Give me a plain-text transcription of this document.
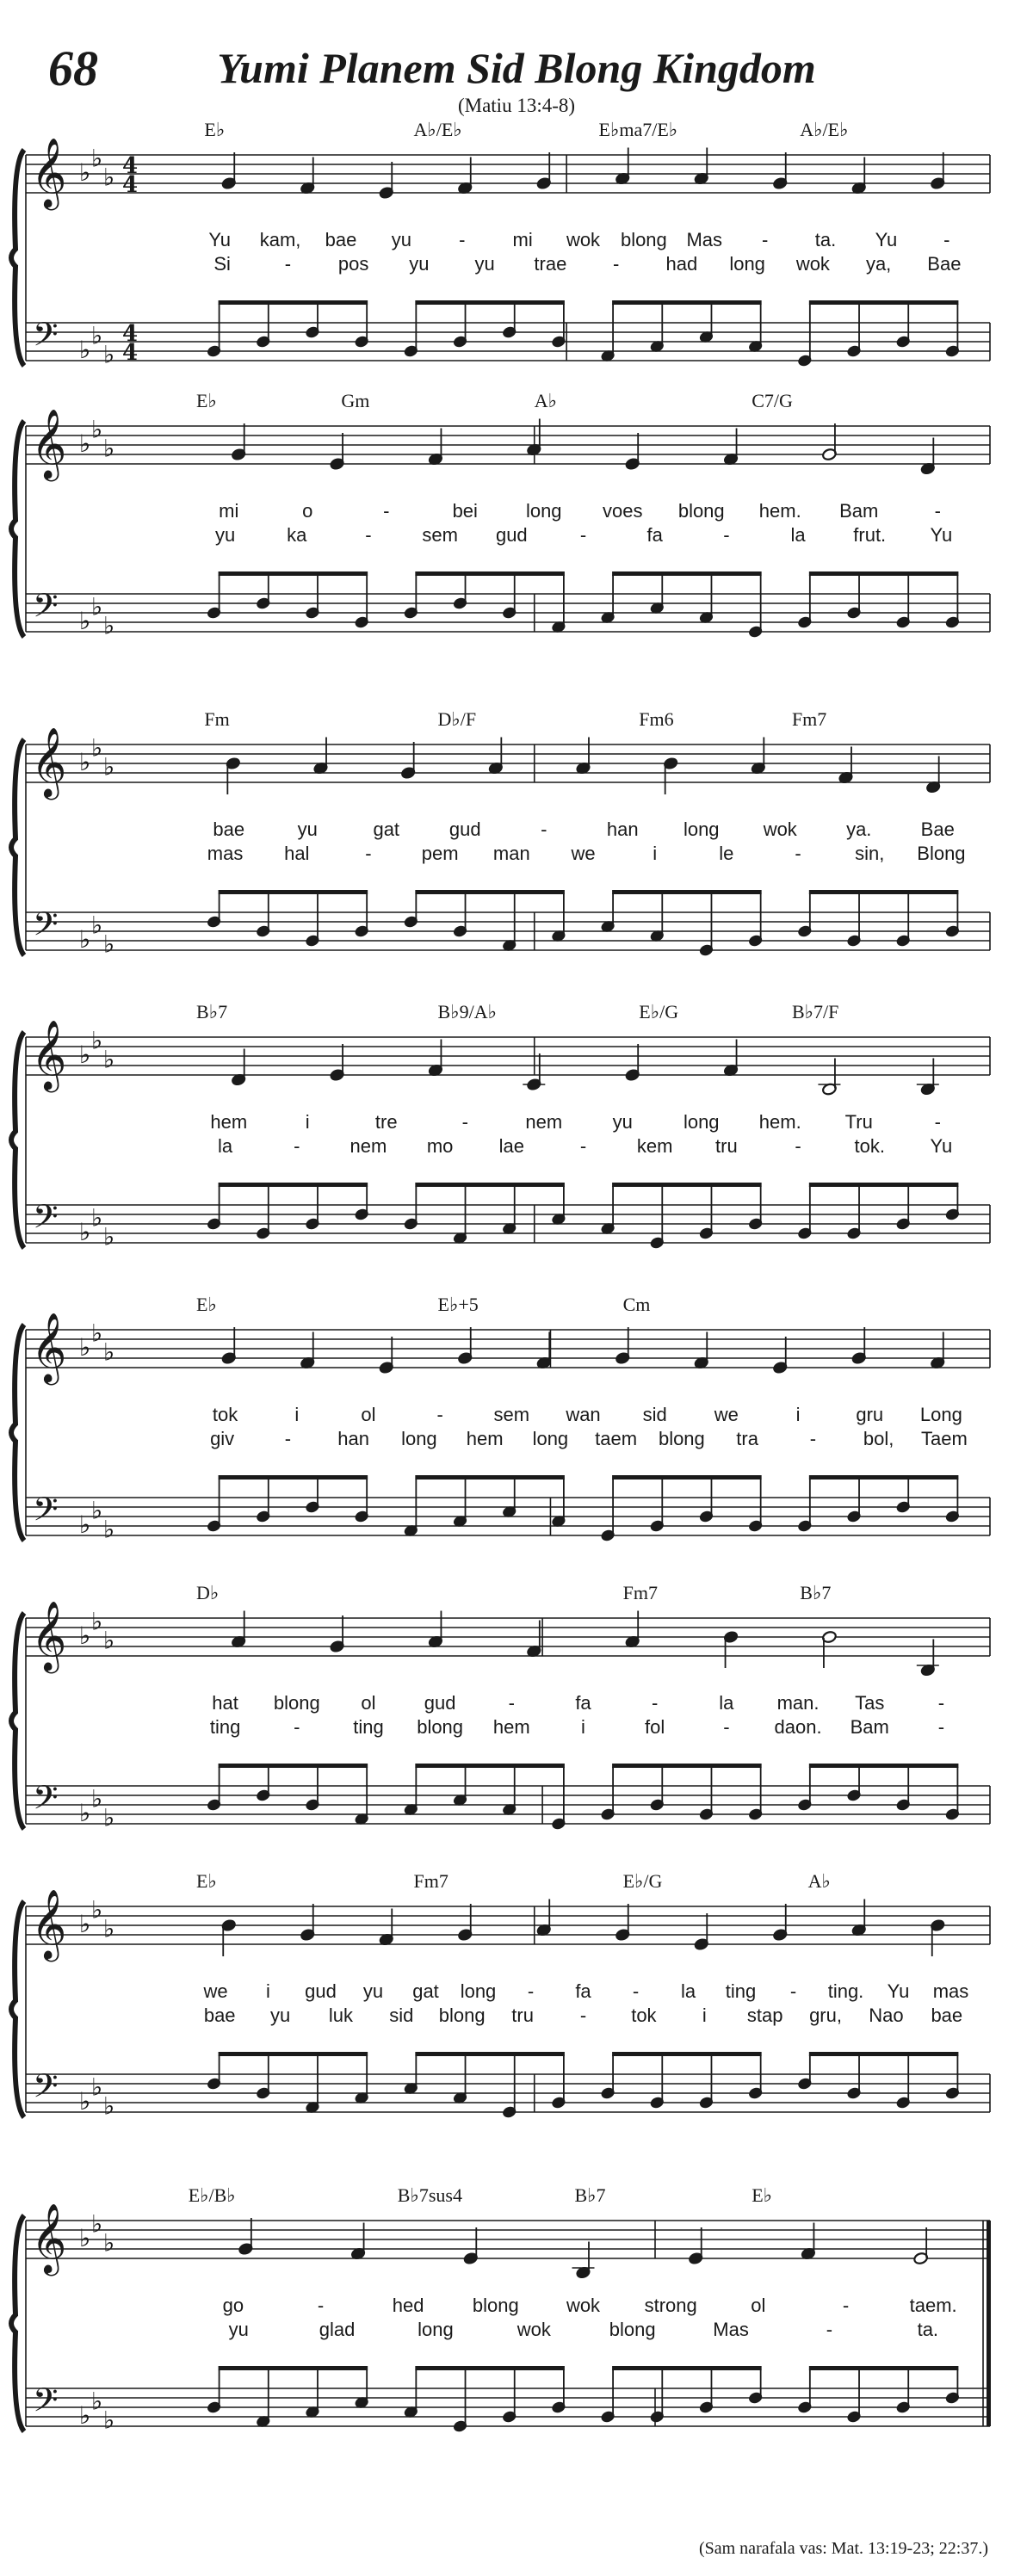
68	Yumi Planem Sid Blong Kingdom
(Matiu 13:4-8)
𝄞
𝄢
♭ ♭
♭
♭ ♭
♭
4
4
4
4
E♭	A♭/E♭	E♭ma7/E♭	A♭/E♭
Yu kam, bae yu	-	mi wok blong Mas - ta. Yu -
Si	- pos yu yu trae - had long wok ya, Bae
𝄞
𝄢
♭ ♭
♭
♭ ♭
♭
E♭	Gm	A♭	C7/G
mi	o	-	bei	long voes blong hem. Bam	-
yu	ka	-	sem gud	-	fa	-	la	frut. Yu
𝄞
𝄢
♭ ♭
♭
♭ ♭
♭
Fm	D♭/F	Fm6	Fm7
bae	yu	gat	gud	-	han long wok	ya.	Bae
mas hal	-	pem man we	i	le	-	sin, Blong
𝄞
𝄢
♭ ♭
♭
♭ ♭
♭
B♭7	B♭9/A♭	E♭/G	B♭7/F
hem	i	tre	-	nem	yu	long hem. Tru	-
la	-	nem mo lae	-	kem tru	-	tok. Yu
𝄞
𝄢
♭ ♭
♭
♭ ♭
♭
E♭	E♭+5	Cm
tok	i	ol	-	sem wan sid	we	i	gru Long
giv	- han long hem long taem blong tra	- bol, Taem
𝄞
𝄢
♭ ♭
♭
♭ ♭
♭
D♭	Fm7	B♭7
hat blong ol	gud	-	fa	-	la man. Tas	-
ting	-	ting blong hem	i	fol	- daon. Bam	-
𝄞
𝄢
♭ ♭
♭
♭ ♭
♭
E♭	Fm7	E♭/G	A♭
we i gud yu gat long - fa - la ting - ting. Yu mas
bae yu luk sid blong tru - tok i stap gru, Nao bae
𝄞
𝄢
♭ ♭
♭
♭ ♭
♭
E♭/B♭	B♭7sus4	B♭7	E♭
go	-	hed	blong	wok strong	ol	-	taem.
yu	glad	long	wok	blong	Mas	-	ta.
(Sam narafala vas: Mat. 13:19-23; 22:37.)
